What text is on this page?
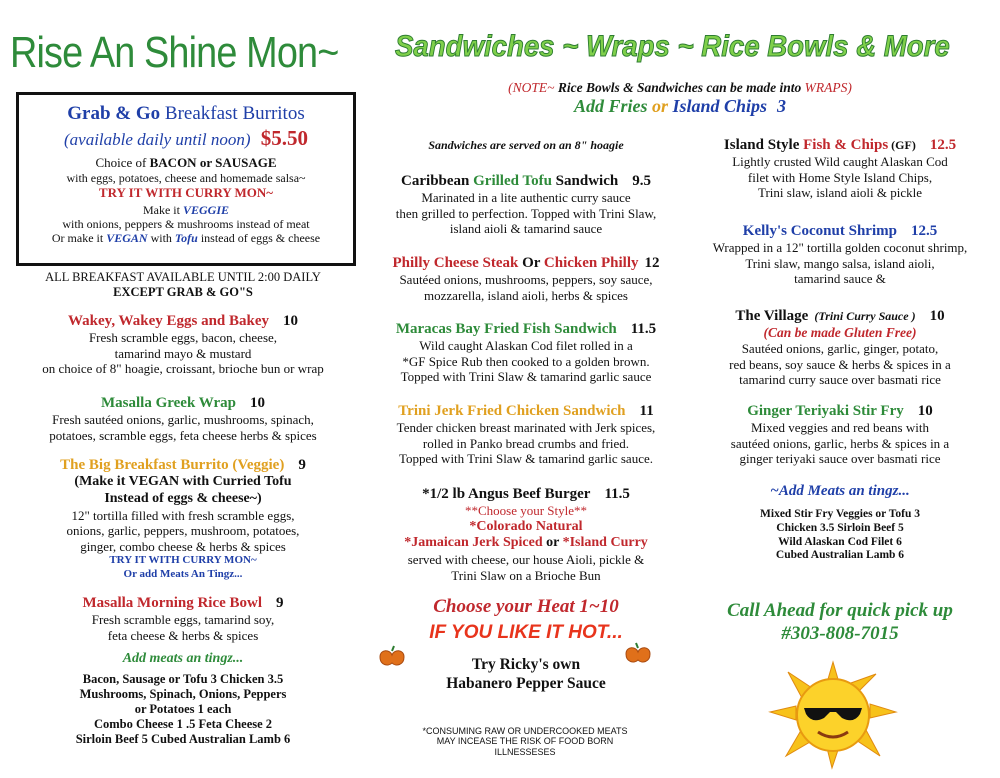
Rise An Shine Mon~
Grab & Go Breakfast Burritos
(available daily until noon) $5.50
Choice of BACON or SAUSAGE
with eggs, potatoes, cheese and homemade salsa~
TRY IT WITH CURRY MON~
Make it VEGGIE
with onions, peppers & mushrooms instead of meat
Or make it VEGAN with Tofu instead of eggs & cheese
ALL BREAKFAST AVAILABLE UNTIL 2:00 DAILY
EXCEPT GRAB & GO"S
Wakey, Wakey Eggs and Bakey 10
Fresh scramble eggs, bacon, cheese,
tamarind mayo & mustard
on choice of 8" hoagie, croissant, brioche bun or wrap
Masalla Greek Wrap 10
Fresh sautéed onions, garlic, mushrooms, spinach,
potatoes, scramble eggs, feta cheese herbs & spices
The Big Breakfast Burrito (Veggie) 9
(Make it VEGAN with Curried Tofu
Instead of eggs & cheese~)
12" tortilla filled with fresh scramble eggs,
onions, garlic, peppers, mushroom, potatoes,
ginger, combo cheese & herbs & spices
TRY IT WITH CURRY MON~
Or add Meats An Tingz...
Masalla Morning Rice Bowl 9
Fresh scramble eggs, tamarind soy,
feta cheese & herbs & spices
Add meats an tingz...
Bacon, Sausage or Tofu 3 Chicken 3.5
Mushrooms, Spinach, Onions, Peppers
or Potatoes 1 each
Combo Cheese 1 .5 Feta Cheese 2
Sirloin Beef 5 Cubed Australian Lamb 6
Sandwiches ~ Wraps ~ Rice Bowls & More
(NOTE~ Rice Bowls & Sandwiches can be made into WRAPS)
Add Fries or Island Chips 3
Sandwiches are served on an 8" hoagie
Caribbean Grilled Tofu Sandwich 9.5
Marinated in a lite authentic curry sauce
then grilled to perfection. Topped with Trini Slaw,
island aioli & tamarind sauce
Philly Cheese Steak Or Chicken Philly 12
Sautéed onions, mushrooms, peppers, soy sauce,
mozzarella, island aioli, herbs & spices
Maracas Bay Fried Fish Sandwich 11.5
Wild caught Alaskan Cod filet rolled in a
*GF Spice Rub then cooked to a golden brown.
Topped with Trini Slaw & tamarind garlic sauce
Trini Jerk Fried Chicken Sandwich 11
Tender chicken breast marinated with Jerk spices,
rolled in Panko bread crumbs and fried.
Topped with Trini Slaw & tamarind garlic sauce.
*1/2 lb Angus Beef Burger 11.5
**Choose your Style**
*Colorado Natural
*Jamaican Jerk Spiced or *Island Curry
served with cheese, our house Aioli, pickle &
Trini Slaw on a Brioche Bun
Choose your Heat 1~10
IF YOU LIKE IT HOT...
Try Ricky's own
Habanero Pepper Sauce
*CONSUMING RAW OR UNDERCOOKED MEATS
MAY INCEASE THE RISK OF FOOD BORN
ILLNESSESES
Island Style Fish & Chips (GF) 12.5
Lightly crusted Wild caught Alaskan Cod
filet with Home Style Island Chips,
Trini slaw, island aioli & pickle
Kelly's Coconut Shrimp 12.5
Wrapped in a 12" tortilla golden coconut shrimp,
Trini slaw, mango salsa, island aioli,
tamarind sauce &
The Village (Trini Curry Sauce ) 10
(Can be made Gluten Free)
Sautéed onions, garlic, ginger, potato,
red beans, soy sauce & herbs & spices in a
tamarind curry sauce over basmati rice
Ginger Teriyaki Stir Fry 10
Mixed veggies and red beans with
sautéed onions, garlic, herbs & spices in a
ginger teriyaki sauce over basmati rice
~Add Meats an tingz...
Mixed Stir Fry Veggies or Tofu 3
Chicken 3.5 Sirloin Beef 5
Wild Alaskan Cod Filet 6
Cubed Australian Lamb 6
Call Ahead for quick pick up
#303-808-7015
